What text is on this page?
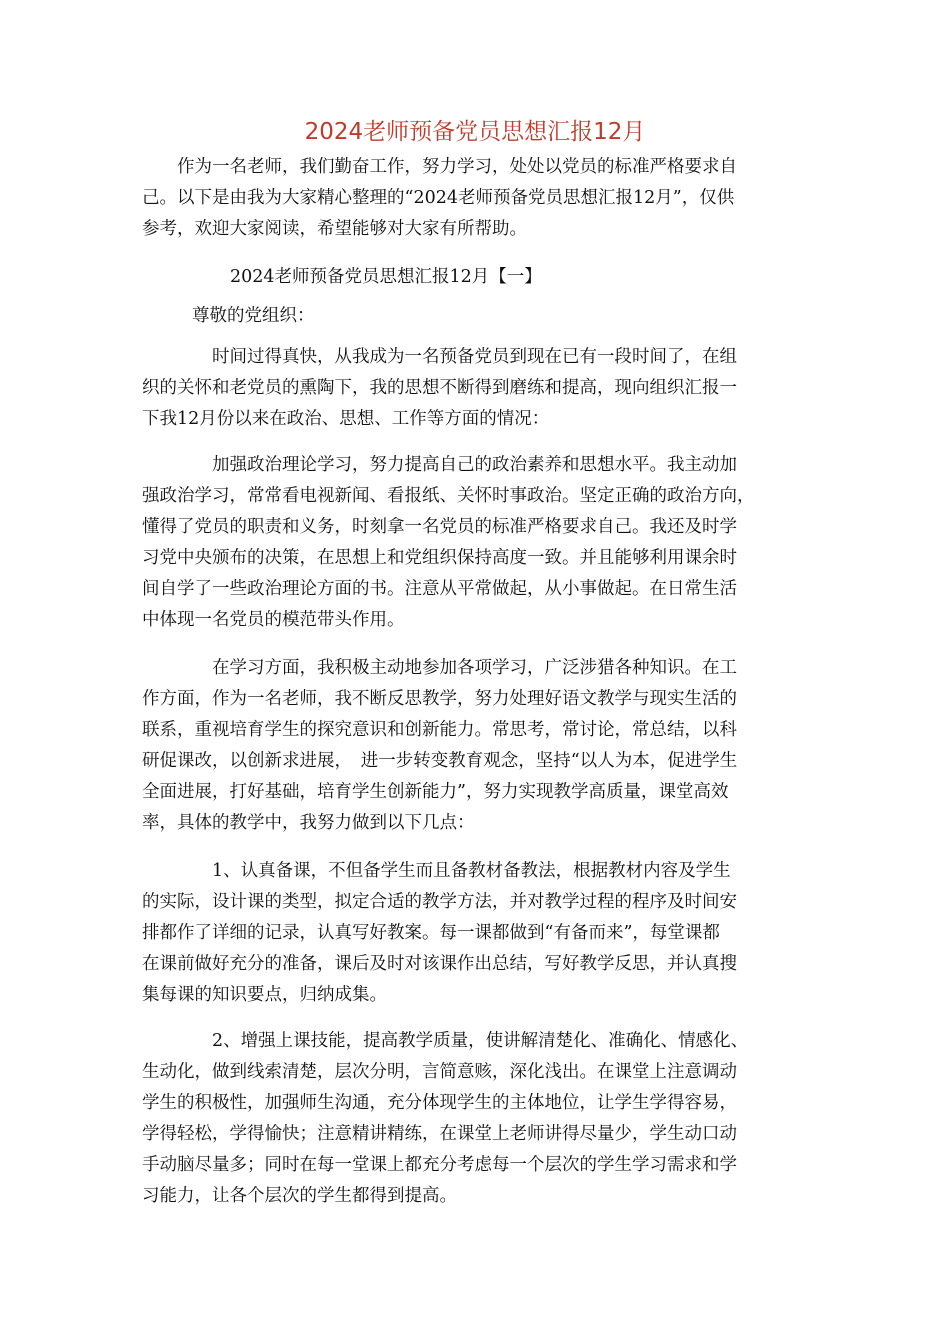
2024老师预备党员思想汇报12月
　　作为一名老师，我们勤奋工作，努力学习，处处以党员的标准严格要求自
己。以下是由我为大家精心整理的“2024老师预备党员思想汇报12月”，仅供
参考，欢迎大家阅读，希望能够对大家有所帮助。
2024老师预备党员思想汇报12月【一】
尊敬的党组织：
　　　　时间过得真快，从我成为一名预备党员到现在已有一段时间了，在组
织的关怀和老党员的熏陶下，我的思想不断得到磨练和提高，现向组织汇报一
下我12月份以来在政治、思想、工作等方面的情况：
　　　　加强政治理论学习，努力提高自己的政治素养和思想水平。我主动加
强政治学习，常常看电视新闻、看报纸、关怀时事政治。坚定正确的政治方向，
懂得了党员的职责和义务，时刻拿一名党员的标准严格要求自己。我还及时学
习党中央颁布的决策，在思想上和党组织保持高度一致。并且能够利用课余时
间自学了一些政治理论方面的书。注意从平常做起，从小事做起。在日常生活
中体现一名党员的模范带头作用。
　　　　在学习方面，我积极主动地参加各项学习，广泛涉猎各种知识。在工
作方面，作为一名老师，我不断反思教学，努力处理好语文教学与现实生活的
联系，重视培育学生的探究意识和创新能力。常思考，常讨论，常总结，以科
研促课改，以创新求进展，　进一步转变教育观念，坚持“以人为本，促进学生
全面进展，打好基础，培育学生创新能力”，努力实现教学高质量，课堂高效
率，具体的教学中，我努力做到以下几点：
　　　　1、认真备课，不但备学生而且备教材备教法，根据教材内容及学生
的实际，设计课的类型，拟定合适的教学方法，并对教学过程的程序及时间安
排都作了详细的记录，认真写好教案。每一课都做到“有备而来”，每堂课都
在课前做好充分的准备，课后及时对该课作出总结，写好教学反思，并认真搜
集每课的知识要点，归纳成集。
　　　　2、增强上课技能，提高教学质量，使讲解清楚化、准确化、情感化、
生动化，做到线索清楚，层次分明，言简意赅，深化浅出。在课堂上注意调动
学生的积极性，加强师生沟通，充分体现学生的主体地位，让学生学得容易，
学得轻松，学得愉快；注意精讲精练，在课堂上老师讲得尽量少，学生动口动
手动脑尽量多；同时在每一堂课上都充分考虑每一个层次的学生学习需求和学
习能力，让各个层次的学生都得到提高。
